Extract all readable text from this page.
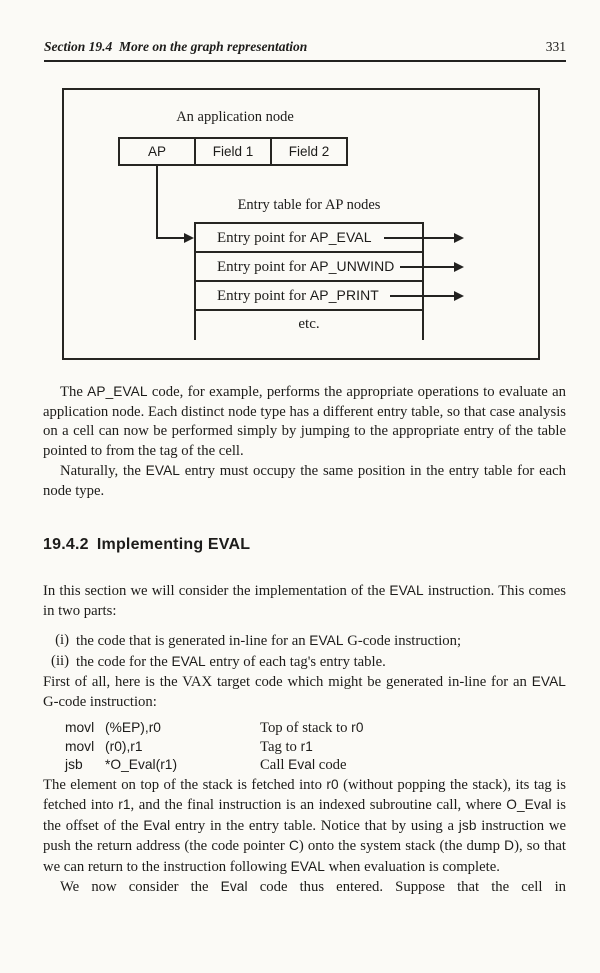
Section 19.4 More on the graph representation	331
An application node
AP	Field 1	Field 2
Entry table for AP nodes
Entry point for AP_EVAL
Entry point for AP_UNWIND
Entry point for AP_PRINT
etc.

The AP_EVAL code, for example, performs the appropriate operations to evaluate an application node. Each distinct node type has a different entry table, so that case analysis on a cell can now be performed simply by jumping to the appropriate entry of the table pointed to from the tag of the cell.

Naturally, the EVAL entry must occupy the same position in the entry table for each node type.

19.4.2 Implementing EVAL

In this section we will consider the implementation of the EVAL instruction. This comes in two parts:

(i) the code that is generated in-line for an EVAL G-code instruction;
(ii) the code for the EVAL entry of each tag's entry table.

First of all, here is the VAX target code which might be generated in-line for an EVAL G-code instruction:

movl (%EP),r0	Top of stack to r0
movl (r0),r1	Tag to r1
jsb	*O_Eval(r1)	Call Eval code

The element on top of the stack is fetched into r0 (without popping the stack), its tag is fetched into r1, and the final instruction is an indexed subroutine call, where O_Eval is the offset of the Eval entry in the entry table. Notice that by using a jsb instruction we push the return address (the code pointer C) onto the system stack (the dump D), so that we can return to the instruction following EVAL when evaluation is complete.

We now consider the Eval code thus entered. Suppose that the cell in
